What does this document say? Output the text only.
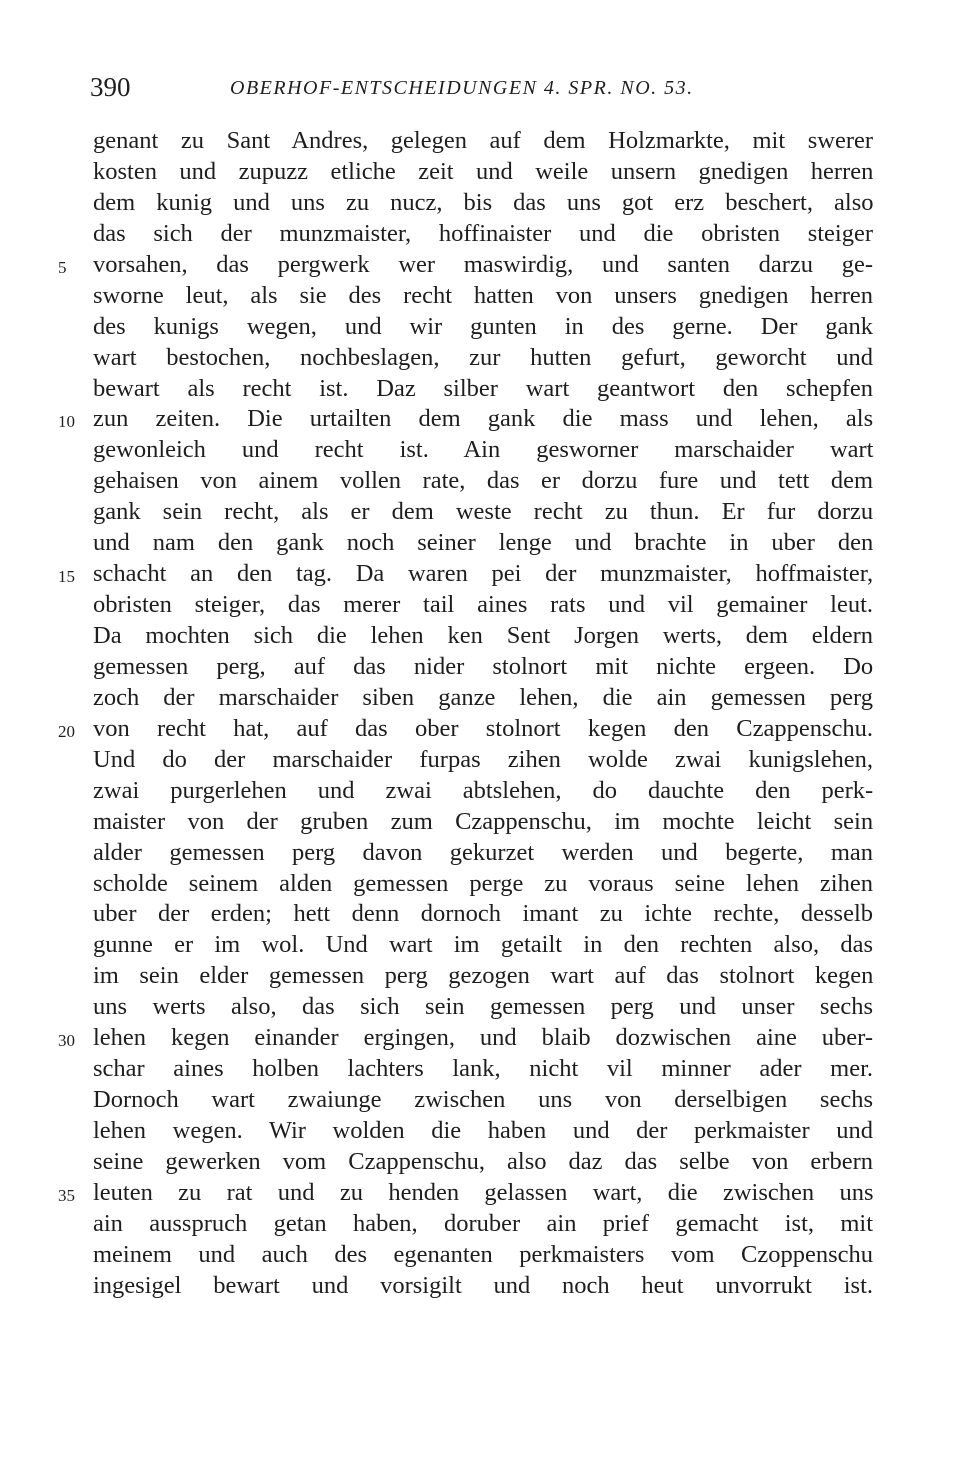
390	OBERHOF-ENTSCHEIDUNGEN 4. SPR. NO. 53.
genant zu Sant Andres, gelegen auf dem Holzmarkte, mit swerer
kosten und zupuzz etliche zeit und weile unsern gnedigen herren
dem kunig und uns zu nucz, bis das uns got erz beschert, also
das sich der munzmaister, hoffinaister und die obristen steiger
5	vorsahen, das pergwerk wer maswirdig, und santen darzu ge-
sworne leut, als sie des recht hatten von unsers gnedigen herren
des kunigs wegen, und wir gunten in des gerne. Der gank
wart bestochen, nochbeslagen, zur hutten gefurt, geworcht und
bewart als recht ist. Daz silber wart geantwort den schepfen
10 zun zeiten. Die urtailten dem gank die mass und lehen, als
gewonleich und recht ist. Ain gesworner marschaider wart
gehaisen von ainem vollen rate, das er dorzu fure und tett dem
gank sein recht, als er dem weste recht zu thun. Er fur dorzu
und nam den gank noch seiner lenge und brachte in uber den
15 schacht an den tag. Da waren pei der munzmaister, hoffmaister,
obristen steiger, das merer tail aines rats und vil gemainer leut.
Da mochten sich die lehen ken Sent Jorgen werts, dem eldern
gemessen perg, auf das nider stolnort mit nichte ergeen. Do
zoch der marschaider siben ganze lehen, die ain gemessen perg
20 von recht hat, auf das ober stolnort kegen den Czappenschu.
Und do der marschaider furpas zihen wolde zwai kunigslehen,
zwai purgerlehen und zwai abtslehen, do dauchte den perk-
maister von der gruben zum Czappenschu, im mochte leicht sein
alder gemessen perg davon gekurzet werden und begerte, man
scholde seinem alden gemessen perge zu voraus seine lehen zihen
uber der erden; hett denn dornoch imant zu ichte rechte, desselb
gunne er im wol. Und wart im getailt in den rechten also, das
im sein elder gemessen perg gezogen wart auf das stolnort kegen
uns werts also, das sich sein gemessen perg und unser sechs
30 lehen kegen einander ergingen, und blaib dozwischen aine uber-
schar aines holben lachters lank, nicht vil minner ader mer.
Dornoch wart zwaiunge zwischen uns von derselbigen sechs
lehen wegen. Wir wolden die haben und der perkmaister und
seine gewerken vom Czappenschu, also daz das selbe von erbern
35 leuten zu rat und zu henden gelassen wart, die zwischen uns
ain ausspruch getan haben, doruber ain prief gemacht ist, mit
meinem und auch des egenanten perkmaisters vom Czoppenschu
ingesigel bewart und vorsigilt und noch heut unvorrukt ist.
